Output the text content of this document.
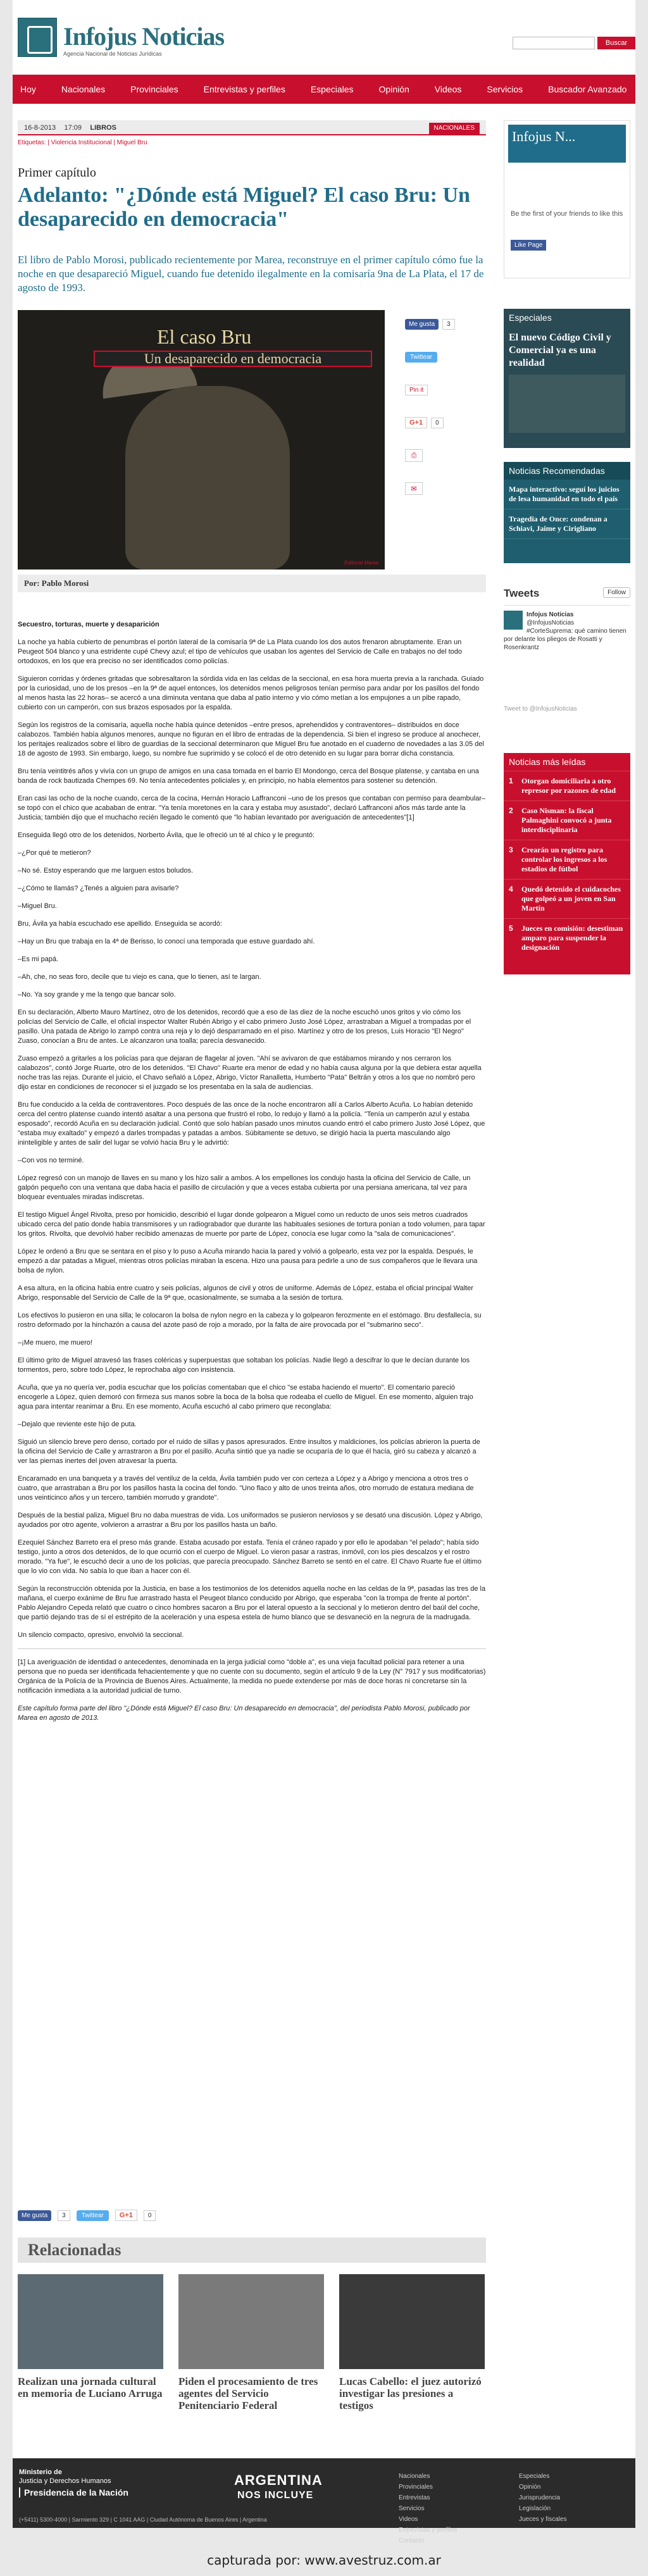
Infojus Noticias
Agencia Nacional de Noticias Jurídicas
Buscar
Hoy	Nacionales	Provinciales	Entrevistas y perfiles	Especiales	Opinión	Videos	Servicios	Buscador Avanzado
16-8-2013 17:09 LIBROS	NACIONALES
Etiquetas: | Violencia Institucional | Miguel Bru
Primer capítulo
Adelanto: "¿Dónde está Miguel? El caso Bru: Un desaparecido en democracia"
El libro de Pablo Morosi, publicado recientemente por Marea, reconstruye en el primer capítulo cómo fue la noche en que desapareció Miguel, cuando fue detenido ilegalmente en la comisaría 9na de La Plata, el 17 de agosto de 1993.
El caso Bru
Un desaparecido en democracia
Editorial Marea
Me gusta	3
Twittear
Pin it
G+1	0
⎙
✉
Por: Pablo Morosi

Secuestro, torturas, muerte y desaparición

La noche ya había cubierto de penumbras el portón lateral de la comisaría 9ª de La Plata cuando los dos autos frenaron abruptamente. Eran un Peugeot 504 blanco y una estridente cupé Chevy azul; el tipo de vehículos que usaban los agentes del Servicio de Calle en trabajos no del todo ortodoxos, en los que era preciso no ser identificados como policías.

Siguieron corridas y órdenes gritadas que sobresaltaron la sórdida vida en las celdas de la seccional, en esa hora muerta previa a la ranchada. Guiado por la curiosidad, uno de los presos –en la 9ª de aquel entonces, los detenidos menos peligrosos tenían permiso para andar por los pasillos del fondo al menos hasta las 22 horas– se acercó a una diminuta ventana que daba al patio interno y vio cómo metían a los empujones a un pibe rapado, cubierto con un camperón, con sus brazos esposados por la espalda.

Según los registros de la comisaría, aquella noche había quince detenidos –entre presos, aprehendidos y contraventores– distribuidos en doce calabozos. También había algunos menores, aunque no figuran en el libro de entradas de la dependencia. Si bien el ingreso se produce al anochecer, los peritajes realizados sobre el libro de guardias de la seccional determinaron que Miguel Bru fue anotado en el cuaderno de novedades a las 3.05 del 18 de agosto de 1993. Sin embargo, luego, su nombre fue suprimido y se colocó el de otro detenido en su lugar para borrar dicha constancia.

Bru tenía veintitrés años y vivía con un grupo de amigos en una casa tomada en el barrio El Mondongo, cerca del Bosque platense, y cantaba en una banda de rock bautizada Chempes 69. No tenía antecedentes policiales y, en principio, no había elementos para sostener su detención.

Eran casi las ocho de la noche cuando, cerca de la cocina, Hernán Horacio Laffranconi –uno de los presos que contaban con permiso para deambular– se topó con el chico que acababan de entrar. "Ya tenía moretones en la cara y estaba muy asustado", declaró Laffranconi años más tarde ante la Justicia; también dijo que el muchacho recién llegado le comentó que "lo habían levantado por averiguación de antecedentes"[1]

Enseguida llegó otro de los detenidos, Norberto Ávila, que le ofreció un té al chico y le preguntó:

–¿Por qué te metieron?

–No sé. Estoy esperando que me larguen estos boludos.

–¿Cómo te llamás? ¿Tenés a alguien para avisarle?

–Miguel Bru.

Bru, Ávila ya había escuchado ese apellido. Enseguida se acordó:

–Hay un Bru que trabaja en la 4ª de Berisso, lo conocí una temporada que estuve guardado ahí.

–Es mi papá.

–Ah, che, no seas foro, decile que tu viejo es cana, que lo tienen, así te largan.

–No. Ya soy grande y me la tengo que bancar solo.

En su declaración, Alberto Mauro Martínez, otro de los detenidos, recordó que a eso de las diez de la noche escuchó unos gritos y vio cómo los policías del Servicio de Calle, el oficial inspector Walter Rubén Abrigo y el cabo primero Justo José López, arrastraban a Miguel a trompadas por el pasillo. Una patada de Abrigo lo zampó contra una reja y lo dejó desparramado en el piso. Martínez y otro de los presos, Luis Horacio "El Negro" Zuaso, conocían a Bru de antes. Le alcanzaron una toalla; parecía desvanecido.

Zuaso empezó a gritarles a los policías para que dejaran de flagelar al joven. "Ahí se avivaron de que estábamos mirando y nos cerraron los calabozos", contó Jorge Ruarte, otro de los detenidos. "El Chavo" Ruarte era menor de edad y no había causa alguna por la que debiera estar aquella noche tras las rejas. Durante el juicio, el Chavo señaló a López, Abrigo, Víctor Ranalletta, Humberto "Pata" Beltrán y otros a los que no nombró pero dijo estar en condiciones de reconocer si el juzgado se los presentaba en la sala de audiencias.

Bru fue conducido a la celda de contraventores. Poco después de las once de la noche encontraron allí a Carlos Alberto Acuña. Lo habían detenido cerca del centro platense cuando intentó asaltar a una persona que frustró el robo, lo redujo y llamó a la policía. "Tenía un camperón azul y estaba esposado", recordó Acuña en su declaración judicial. Contó que solo habían pasado unos minutos cuando entró el cabo primero Justo José López, que "estaba muy exaltado" y empezó a darles trompadas y patadas a ambos. Súbitamente se detuvo, se dirigió hacia la puerta masculando algo ininteligible y antes de salir del lugar se volvió hacia Bru y le advirtió:

–Con vos no terminé.

López regresó con un manojo de llaves en su mano y los hizo salir a ambos. A los empellones los condujo hasta la oficina del Servicio de Calle, un galpón pequeño con una ventana que daba hacia el pasillo de circulación y que a veces estaba cubierta por una persiana americana, tal vez para bloquear eventuales miradas indiscretas.

El testigo Miguel Ángel Rivolta, preso por homicidio, describió el lugar donde golpearon a Miguel como un reducto de unos seis metros cuadrados ubicado cerca del patio donde había transmisores y un radiograbador que durante las habituales sesiones de tortura ponían a todo volumen, para tapar los gritos. Rivolta, que devolvió haber recibido amenazas de muerte por parte de López, conocía ese lugar como la "sala de comunicaciones".

López le ordenó a Bru que se sentara en el piso y lo puso a Acuña mirando hacia la pared y volvió a golpearlo, esta vez por la espalda. Después, le empezó a dar patadas a Miguel, mientras otros policías miraban la escena. Hizo una pausa para pedirle a uno de sus compañeros que le llevara una bolsa de nylon.

A esa altura, en la oficina había entre cuatro y seis policías, algunos de civil y otros de uniforme. Además de López, estaba el oficial principal Walter Abrigo, responsable del Servicio de Calle de la 9ª que, ocasionalmente, se sumaba a la sesión de tortura.

Los efectivos lo pusieron en una silla; le colocaron la bolsa de nylon negro en la cabeza y lo golpearon ferozmente en el estómago. Bru desfallecía, su rostro deformado por la hinchazón a causa del azote pasó de rojo a morado, por la falta de aire provocada por el "submarino seco".

–¡Me muero, me muero!

El último grito de Miguel atravesó las frases coléricas y superpuestas que soltaban los policías. Nadie llegó a descifrar lo que le decían durante los tormentos, pero, sobre todo López, le reprochaba algo con insistencia.

Acuña, que ya no quería ver, podía escuchar que los policías comentaban que el chico "se estaba haciendo el muerto". El comentario pareció encogerle a López, quien demoró con firmeza sus manos sobre la boca de la bolsa que rodeaba el cuello de Miguel. En ese momento, alguien trajo agua para intentar reanimar a Bru. En ese momento, Acuña escuchó al cabo primero que reconglaba:

–Dejalo que reviente este hijo de puta.

Siguió un silencio breve pero denso, cortado por el ruido de sillas y pasos apresurados. Entre insultos y maldiciones, los policías abrieron la puerta de la oficina del Servicio de Calle y arrastraron a Bru por el pasillo. Acuña sintió que ya nadie se ocuparía de lo que él hacía, giró su cabeza y alcanzó a ver las piernas inertes del joven atravesar la puerta.

Encaramado en una banqueta y a través del ventiluz de la celda, Ávila también pudo ver con certeza a López y a Abrigo y menciona a otros tres o cuatro, que arrastraban a Bru por los pasillos hasta la cocina del fondo. "Uno flaco y alto de unos treinta años, otro morrudo de estatura mediana de unos veinticinco años y un tercero, también morrudo y grandote".

Después de la bestial paliza, Miguel Bru no daba muestras de vida. Los uniformados se pusieron nerviosos y se desató una discusión. López y Abrigo, ayudados por otro agente, volvieron a arrastrar a Bru por los pasillos hasta un baño.

Ezequiel Sánchez Barreto era el preso más grande. Estaba acusado por estafa. Tenía el cráneo rapado y por ello le apodaban "el pelado"; había sido testigo, junto a otros dos detenidos, de lo que ocurrió con el cuerpo de Miguel. Lo vieron pasar a rastras, inmóvil, con los pies descalzos y el rostro morado. "Ya fue", le escuchó decir a uno de los policías, que parecía preocupado. Sánchez Barreto se sentó en el catre. El Chavo Ruarte fue el último que lo vio con vida. No sabía lo que iban a hacer con él.

Según la reconstrucción obtenida por la Justicia, en base a los testimonios de los detenidos aquella noche en las celdas de la 9ª, pasadas las tres de la mañana, el cuerpo exánime de Bru fue arrastrado hasta el Peugeot blanco conducido por Abrigo, que esperaba "con la trompa de frente al portón". Pablo Alejandro Cepeda relató que cuatro o cinco hombres sacaron a Bru por el lateral opuesto a la seccional y lo metieron dentro del baúl del coche, que partió dejando tras de sí el estrépito de la aceleración y una espesa estela de humo blanco que se desvaneció en la negrura de la madrugada.

Un silencio compacto, opresivo, envolvió la seccional.

[1] La averiguación de identidad o antecedentes, denominada en la jerga judicial como "doble a", es una vieja facultad policial para retener a una persona que no pueda ser identificada fehacientemente y que no cuente con su documento, según el artículo 9 de la Ley (N° 7917 y sus modificatorias) Orgánica de la Policía de la Provincia de Buenos Aires. Actualmente, la medida no puede extenderse por más de doce horas ni concretarse sin la notificación inmediata a la autoridad judicial de turno.

Este capítulo forma parte del libro "¿Dónde está Miguel? El caso Bru: Un desaparecido en democracia", del periodista Pablo Morosi, publicado por Marea en agosto de 2013.

Me gusta	3	Twittear	G+1	0
Relacionadas
Realizan una jornada cultural en memoria de Luciano Arruga
Piden el procesamiento de tres agentes del Servicio Penitenciario Federal
Lucas Cabello: el juez autorizó investigar las presiones a testigos
Infojus N...
Be the first of your friends to like this
Like Page
Especiales
El nuevo Código Civil y Comercial ya es una realidad
Noticias Recomendadas
Mapa interactivo: seguí los juicios de lesa humanidad en todo el país
Tragedia de Once: condenan a Schiavi, Jaime y Cirigliano
Tweets	Follow
Infojus Noticias
@InfojusNoticias
#CorteSuprema: qué camino tienen por delante los pliegos de Rosatti y Rosenkrantz
Tweet to @InfojusNoticias
Noticias más leídas
1	Otorgan domiciliaria a otro represor por razones de edad
2	Caso Nisman: la fiscal Palmaghini convocó a junta interdisciplinaria
3	Crearán un registro para controlar los ingresos a los estadios de fútbol
4	Quedó detenido el cuidacoches que golpeó a un joven en San Martín
5	Jueces en comisión: desestiman amparo para suspender la designación
Ministerio de
Justicia y Derechos Humanos
Presidencia de la Nación
(+5411) 5300-4000 | Sarmiento 329 | C 1041 AAG | Ciudad Autónoma de Buenos Aires | Argentina
ARGENTINA
NOS INCLUYE
Nacionales
Provinciales
Entrevistas
Servicios
Videos
Entrevistas y perfiles
Contacto
Especiales
Opinión
Jurisprudencia
Legislación
Jueces y fiscales
capturada por: www.avestruz.com.ar
